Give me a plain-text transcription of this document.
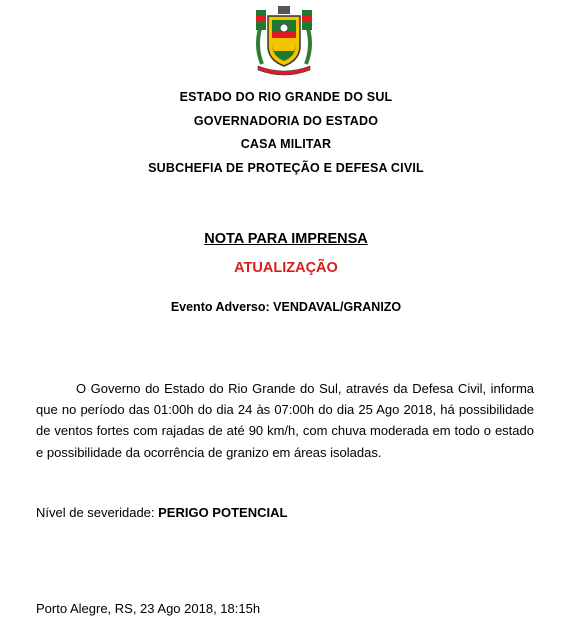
ESTADO DO RIO GRANDE DO SUL
GOVERNADORIA DO ESTADO
CASA MILITAR
SUBCHEFIA DE PROTEÇÃO E DEFESA CIVIL
NOTA PARA IMPRENSA
ATUALIZAÇÃO
Evento Adverso: VENDAVAL/GRANIZO

O Governo do Estado do Rio Grande do Sul, através da Defesa Civil, informa que no período das 01:00h do dia 24 às 07:00h do dia 25 Ago 2018, há possibilidade de ventos fortes com rajadas de até 90 km/h, com chuva moderada em todo o estado e possibilidade da ocorrência de granizo em áreas isoladas.

Nível de severidade: PERIGO POTENCIAL
Porto Alegre, RS, 23 Ago 2018, 18:15h
